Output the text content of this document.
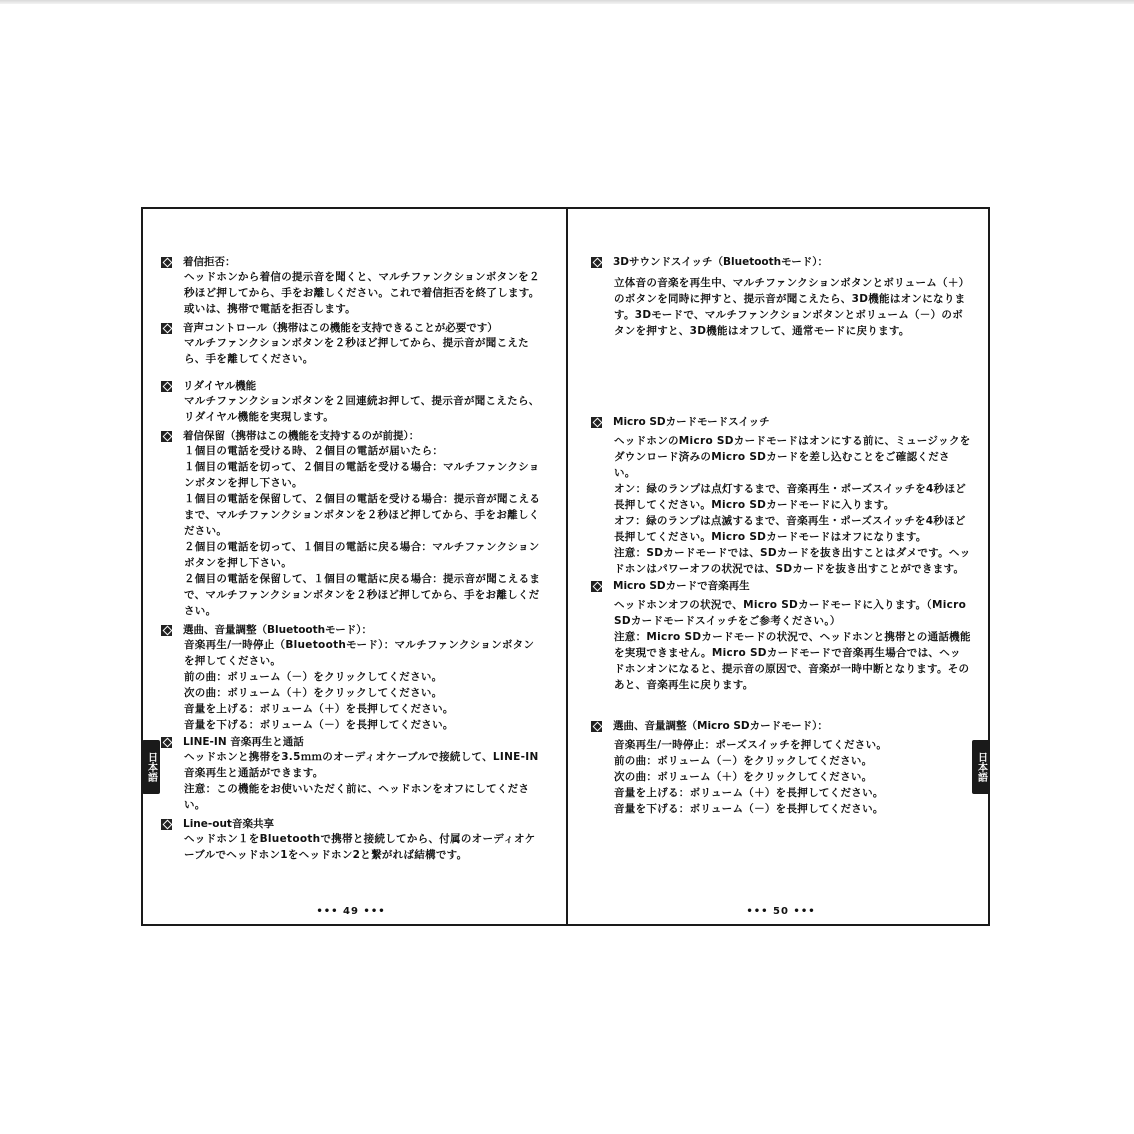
着信拒否：

ヘッドホンから着信の提示音を聞くと、マルチファンクションボタンを２秒ほど押してから、手をお離しください。これで着信拒否を終了します。或いは、携帯で電話を拒否します。

音声コントロール（携帯はこの機能を支持できることが必要です）

マルチファンクションボタンを２秒ほど押してから、提示音が聞こえたら、手を離してください。

リダイヤル機能

マルチファンクションボタンを２回連続お押して、提示音が聞こえたら、リダイヤル機能を実現します。

着信保留（携帯はこの機能を支持するのが前提）：

１個目の電話を受ける時、２個目の電話が届いたら：

１個目の電話を切って、２個目の電話を受ける場合：マルチファンクションボタンを押し下さい。

１個目の電話を保留して、２個目の電話を受ける場合：提示音が聞こえるまで、マルチファンクションボタンを２秒ほど押してから、手をお離しください。

２個目の電話を切って、１個目の電話に戻る場合：マルチファンクションボタンを押し下さい。

２個目の電話を保留して、１個目の電話に戻る場合：提示音が聞こえるまで、マルチファンクションボタンを２秒ほど押してから、手をお離しください。

選曲、音量調整（Bluetoothモード）：

音楽再生/一時停止（Bluetoothモード）：マルチファンクションボタンを押してください。

前の曲：ボリューム（－）をクリックしてください。

次の曲：ボリューム（＋）をクリックしてください。

音量を上げる：ボリューム（＋）を長押してください。

音量を下げる：ボリューム（－）を長押してください。

LINE-IN 音楽再生と通話

ヘッドホンと携帯を3.5ｍｍのオーディオケーブルで接続して、LINE-IN 音楽再生と通話ができます。

注意：この機能をお使いいただく前に、ヘッドホンをオフにしてください。

Line-out音楽共享

ヘッドホン１をBluetoothで携帯と接続してから、付属のオーディオケーブルでヘッドホン1をヘッドホン2と繋がれば結構です。

••• 49 •••
3Dサウンドスイッチ（Bluetoothモード）：

立体音の音楽を再生中、マルチファンクションボタンとボリューム（＋）のボタンを同時に押すと、提示音が聞こえたら、3D機能はオンになります。3Dモードで、マルチファンクションボタンとボリューム（－）のボタンを押すと、3D機能はオフして、通常モードに戻ります。

Micro SDカードモードスイッチ

ヘッドホンのMicro SDカードモードはオンにする前に、ミュージックをダウンロード済みのMicro SDカードを差し込むことをご確認ください。

オン：緑のランプは点灯するまで、音楽再生・ポーズスイッチを4秒ほど長押してください。Micro SDカードモードに入ります。

オフ：緑のランプは点滅するまで、音楽再生・ポーズスイッチを4秒ほど長押してください。Micro SDカードモードはオフになります。

注意：SDカードモードでは、SDカードを抜き出すことはダメです。ヘッドホンはパワーオフの状況では、SDカードを抜き出すことができます。

Micro SDカードで音楽再生

ヘッドホンオフの状況で、Micro SDカードモードに入ります。（Micro SDカードモードスイッチをご参考ください。）

注意：Micro SDカードモードの状況で、ヘッドホンと携帯との通話機能を実現できません。Micro SDカードモードで音楽再生場合では、ヘッドホンオンになると、提示音の原因で、音楽が一時中断となります。そのあと、音楽再生に戻ります。

選曲、音量調整（Micro SDカードモード）：

音楽再生/一時停止：ポーズスイッチを押してください。

前の曲：ボリューム（－）をクリックしてください。

次の曲：ボリューム（＋）をクリックしてください。

音量を上げる：ボリューム（＋）を長押してください。

音量を下げる：ボリューム（－）を長押してください。

••• 50 •••
日本語	日本語
